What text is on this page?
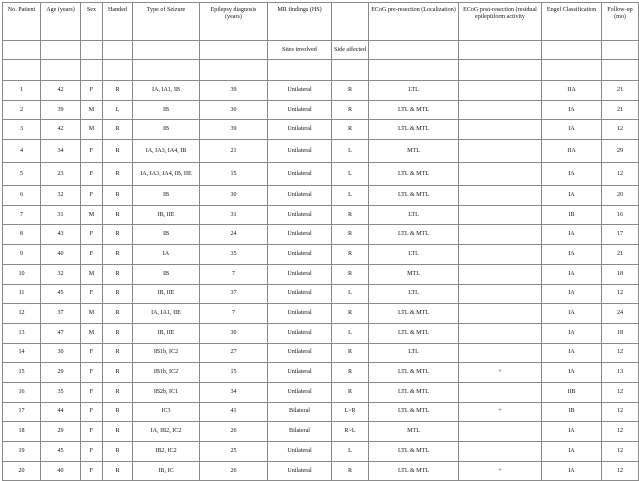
No. Patient	Age (years)	Sex	Handed	Type of Seizure	Epilepsy diagnosis (years)	MR findings (HS)		ECoG pre-resection (Localization)	ECoG post-resection (residual epileptiform activity	Engel Classification	Follow-up (mo)
						Sites involved	Side affected				

1	42	F	R	IA, IA1, IB	39	Unilateral	R	LTL		IIA	21
2	39	M	L	IB	30	Unilateral	R	LTL & MTL		IA	21
3	42	M	R	IB	39	Unilateral	R	LTL & MTL		IA	12
4	34	F	R	IA, IA3, IA4, IB	21	Unilateral	L	MTL		IIA	29
5	23	F	R	IA, IA3, IA4, IB, IIE	15	Unilateral	L	LTL & MTL		IA	12
6	32	F	R	IB	30	Unilateral	L	LTL & MTL		IA	20
7	31	M	R	IB, IIE	31	Unilateral	R	LTL		IB	16
8	43	F	R	IB	24	Unilateral	R	LTL & MTL		IA	17
9	40	F	R	IA	35	Unilateral	R	LTL		IA	21
10	32	M	R	IB	7	Unilateral	R	MTL		IA	18
11	45	F	R	IB, IIE	37	Unilateral	L	LTL		IA	12
12	37	M	R	IA, IA1, IIE	7	Unilateral	R	LTL & MTL		IA	24
13	47	M	R	IB, IIE	30	Unilateral	L	LTL & MTL		IA	18
14	30	F	R	IB1b, IC2	27	Unilateral	R	LTL		IA	12
15	29	F	R	IB1b, IC2	15	Unilateral	R	LTL & MTL	+	IA	13
16	35	F	R	IB2b, IC1	34	Unilateral	R	LTL & MTL		IIB	12
17	44	F	R	IC3	41	Bilateral	L>R	LTL & MTL	+	IB	12
18	29	F	R	IA, IB2, IC2	26	Bilateral	R>L	MTL		IA	12
19	45	F	R	IB2, IC2	25	Unilateral	L	LTL & MTL		IA	12
20	40	F	R	IB, IC	26	Unilateral	R	LTL & MTL	+	IA	12
